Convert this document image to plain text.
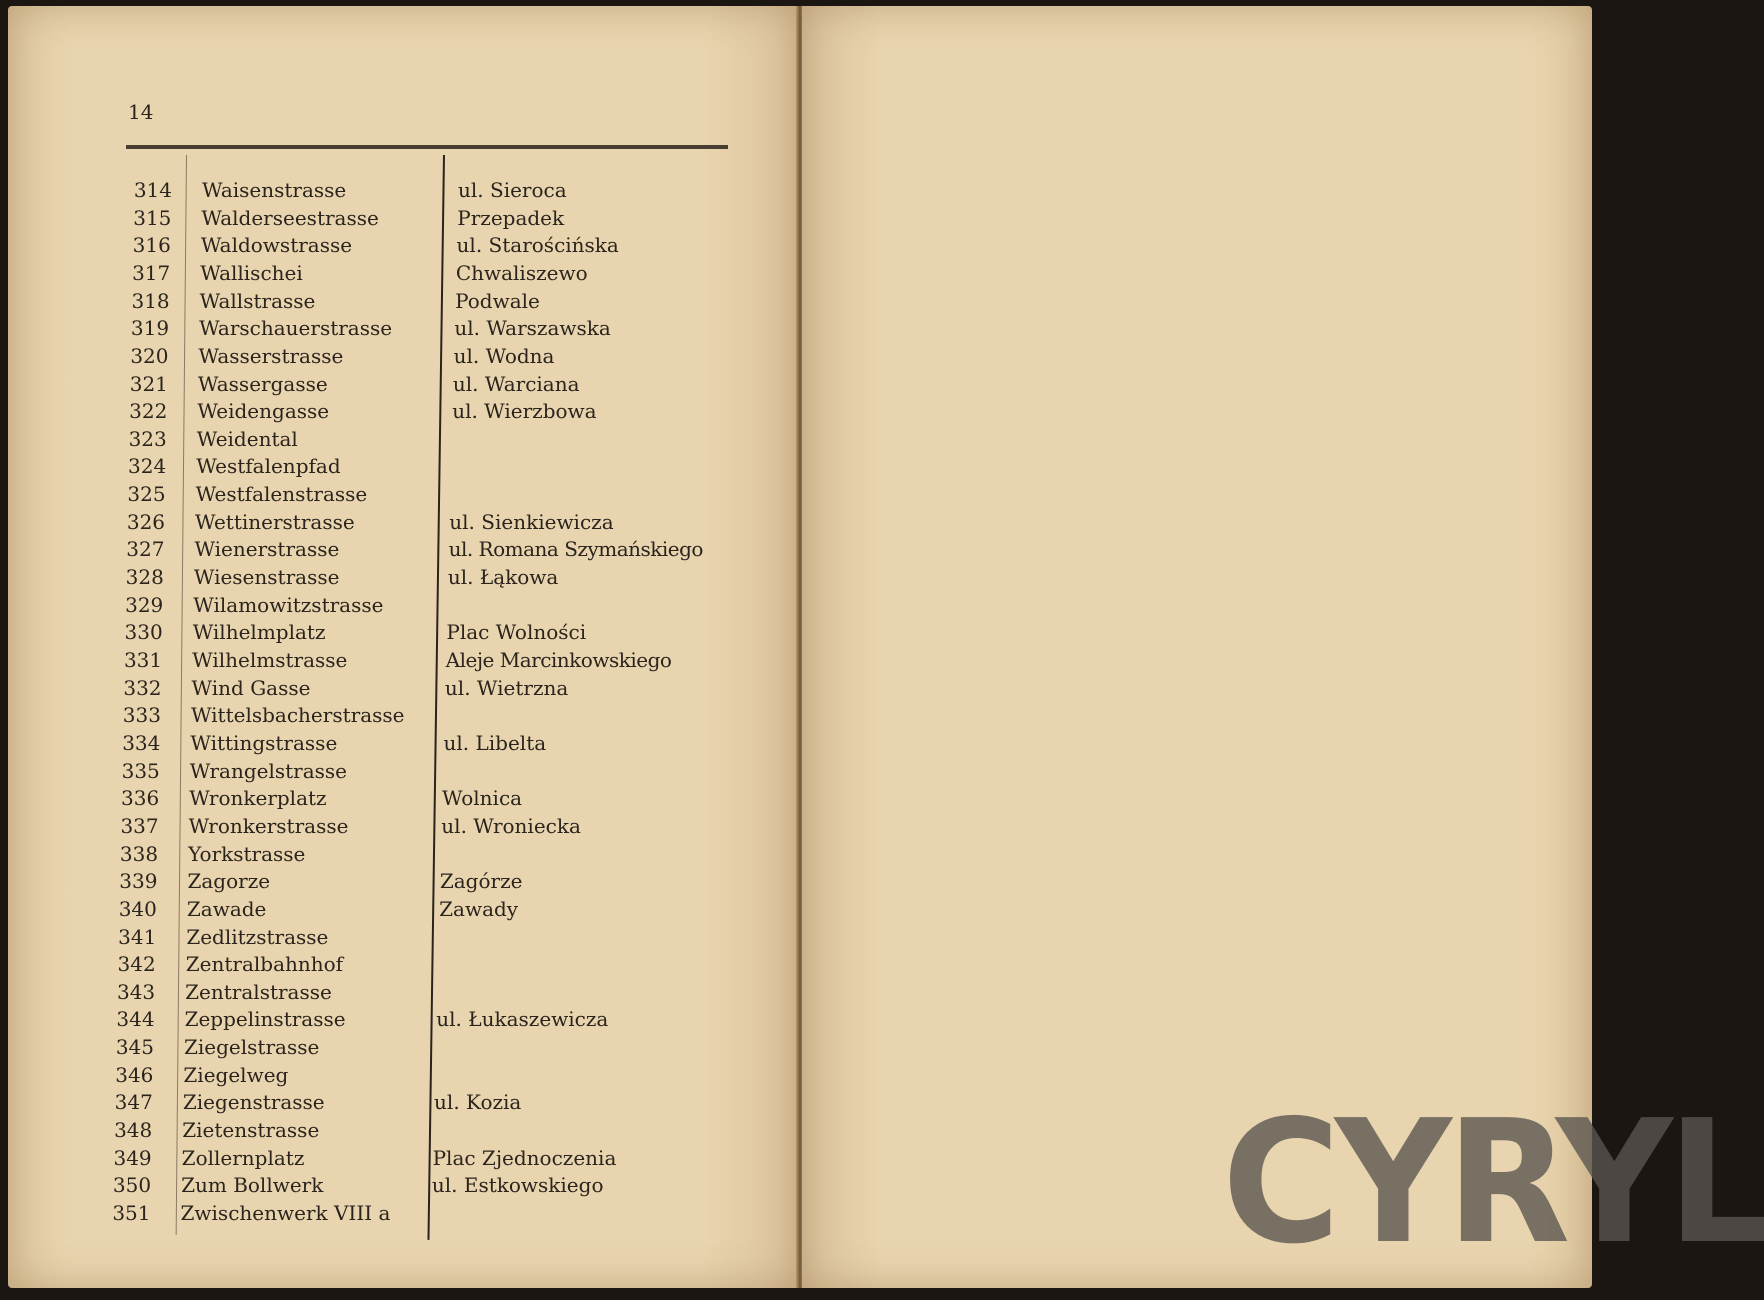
14
314 Waisenstrasse	ul. Sieroca
315 Walderseestrasse	Przepadek
316 Waldowstrasse	ul. Starościńska
317 Wallischei	Chwaliszewo
318 Wallstrasse	Podwale
319 Warschauerstrasse	ul. Warszawska
320 Wasserstrasse	ul. Wodna
321 Wassergasse	ul. Warciana
322 Weidengasse	ul. Wierzbowa
323 Weidental
324 Westfalenpfad
325 Westfalenstrasse
326 Wettinerstrasse	ul. Sienkiewicza
327 Wienerstrasse	ul. Romana Szymańskiego
328 Wiesenstrasse	ul. Łąkowa
329 Wilamowitzstrasse
330 Wilhelmplatz	Plac Wolności
331 Wilhelmstrasse	Aleje Marcinkowskiego
332 Wind Gasse	ul. Wietrzna
333 Wittelsbacherstrasse
334 Wittingstrasse	ul. Libelta
335 Wrangelstrasse
336 Wronkerplatz	Wolnica
337 Wronkerstrasse	ul. Wroniecka
338 Yorkstrasse
339 Zagorze	Zagórze
340 Zawade	Zawady
341 Zedlitzstrasse
342 Zentralbahnhof
343 Zentralstrasse
344 Zeppelinstrasse	ul. Łukaszewicza
345 Ziegelstrasse
346 Ziegelweg
347 Ziegenstrasse	ul. Kozia
348 Zietenstrasse
349 Zollernplatz	Plac Zjednoczenia
350 Zum Bollwerk	ul. Estkowskiego
351 Zwischenwerk VIII a	CYRYL
